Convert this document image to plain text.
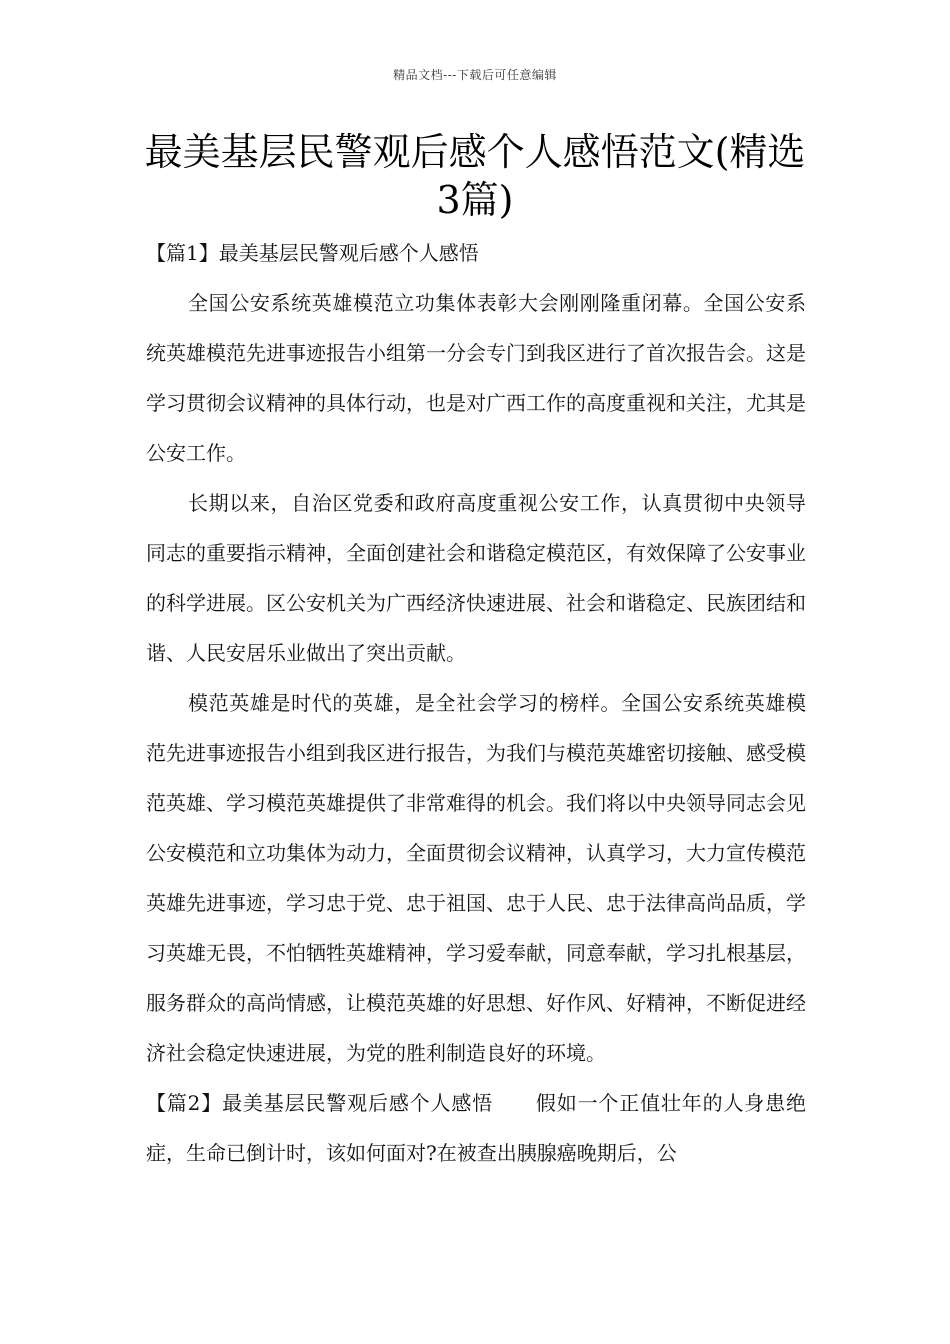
精品文档---下载后可任意编辑
最美基层民警观后感个人感悟范文(精选3篇)

【篇1】最美基层民警观后感个人感悟

全国公安系统英雄模范立功集体表彰大会刚刚隆重闭幕。全国公安系统英雄模范先进事迹报告小组第一分会专门到我区进行了首次报告会。这是学习贯彻会议精神的具体行动，也是对广西工作的高度重视和关注，尤其是公安工作。

长期以来，自治区党委和政府高度重视公安工作，认真贯彻中央领导同志的重要指示精神，全面创建社会和谐稳定模范区，有效保障了公安事业的科学进展。区公安机关为广西经济快速进展、社会和谐稳定、民族团结和谐、人民安居乐业做出了突出贡献。

模范英雄是时代的英雄，是全社会学习的榜样。全国公安系统英雄模范先进事迹报告小组到我区进行报告，为我们与模范英雄密切接触、感受模范英雄、学习模范英雄提供了非常难得的机会。我们将以中央领导同志会见公安模范和立功集体为动力，全面贯彻会议精神，认真学习，大力宣传模范英雄先进事迹，学习忠于党、忠于祖国、忠于人民、忠于法律高尚品质，学习英雄无畏，不怕牺牲英雄精神，学习爱奉献，同意奉献，学习扎根基层，服务群众的高尚情感，让模范英雄的好思想、好作风、好精神，不断促进经济社会稳定快速进展，为党的胜利制造良好的环境。

【篇2】最美基层民警观后感个人感悟 假如一个正值壮年的人身患绝症，生命已倒计时，该如何面对?在被查出胰腺癌晚期后，公
